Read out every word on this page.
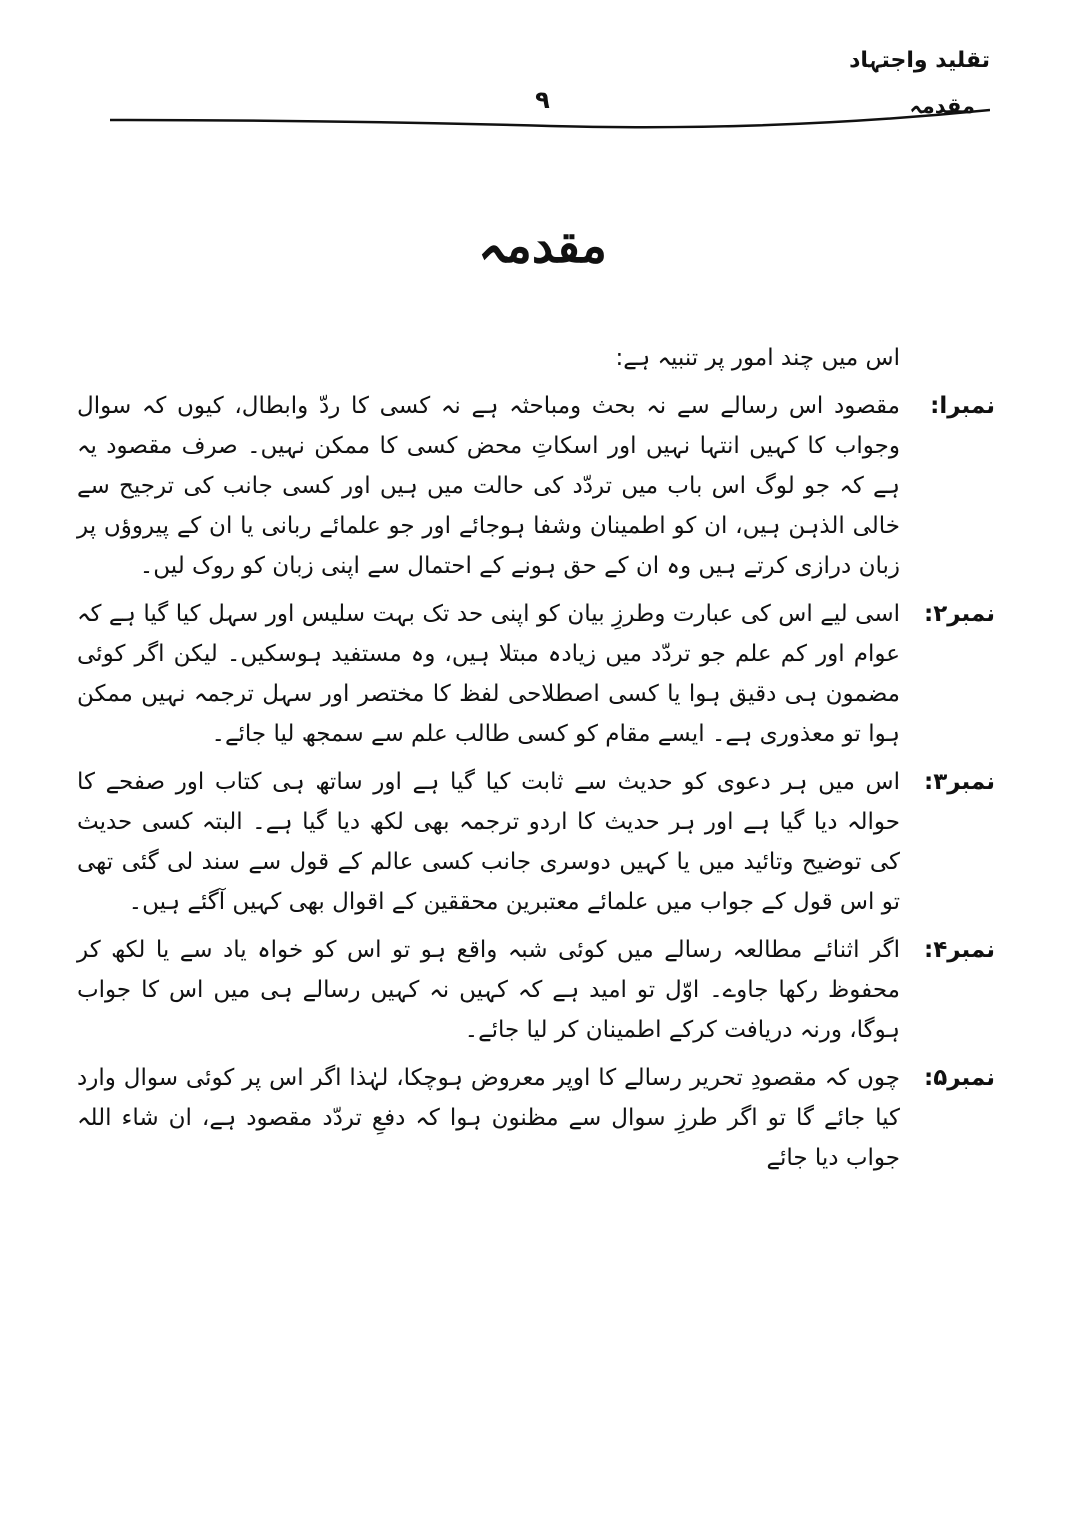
تقلید واجتہاد

مقدمہ

۹

مقدمہ

اس میں چند امور پر تنبیہ ہے:

نمبرا:
مقصود اس رسالے سے نہ بحث ومباحثہ ہے نہ کسی کا ردّ وابطال، کیوں کہ سوال وجواب کا کہیں انتہا نہیں اور اسکاتِ محض کسی کا ممکن نہیں۔ صرف مقصود یہ ہے کہ جو لوگ اس باب میں تردّد کی حالت میں ہیں اور کسی جانب کی ترجیح سے خالی الذہن ہیں، ان کو اطمینان وشفا ہوجائے اور جو علمائے ربانی یا ان کے پیروؤں پر زبان درازی کرتے ہیں وہ ان کے حق ہونے کے احتمال سے اپنی زبان کو روک لیں۔
نمبر۲:
اسی لیے اس کی عبارت وطرزِ بیان کو اپنی حد تک بہت سلیس اور سہل کیا گیا ہے کہ عوام اور کم علم جو تردّد میں زیادہ مبتلا ہیں، وہ مستفید ہوسکیں۔ لیکن اگر کوئی مضمون ہی دقیق ہوا یا کسی اصطلاحی لفظ کا مختصر اور سہل ترجمہ نہیں ممکن ہوا تو معذوری ہے۔ ایسے مقام کو کسی طالب علم سے سمجھ لیا جائے۔
نمبر۳:
اس میں ہر دعوی کو حدیث سے ثابت کیا گیا ہے اور ساتھ ہی کتاب اور صفحے کا حوالہ دیا گیا ہے اور ہر حدیث کا اردو ترجمہ بھی لکھ دیا گیا ہے۔ البتہ کسی حدیث کی توضیح وتائید میں یا کہیں دوسری جانب کسی عالم کے قول سے سند لی گئی تھی تو اس قول کے جواب میں علمائے معتبرین محققین کے اقوال بھی کہیں آگئے ہیں۔
نمبر۴:
اگر اثنائے مطالعہ رسالے میں کوئی شبہ واقع ہو تو اس کو خواہ یاد سے یا لکھ کر محفوظ رکھا جاوے۔ اوّل تو امید ہے کہ کہیں نہ کہیں رسالے ہی میں اس کا جواب ہوگا، ورنہ دریافت کرکے اطمینان کر لیا جائے۔
نمبر۵:
چوں کہ مقصودِ تحریر رسالے کا اوپر معروض ہوچکا، لہٰذا اگر اس پر کوئی سوال وارد کیا جائے گا تو اگر طرزِ سوال سے مظنون ہوا کہ دفعِ تردّد مقصود ہے، ان شاء اللہ جواب دیا جائے
